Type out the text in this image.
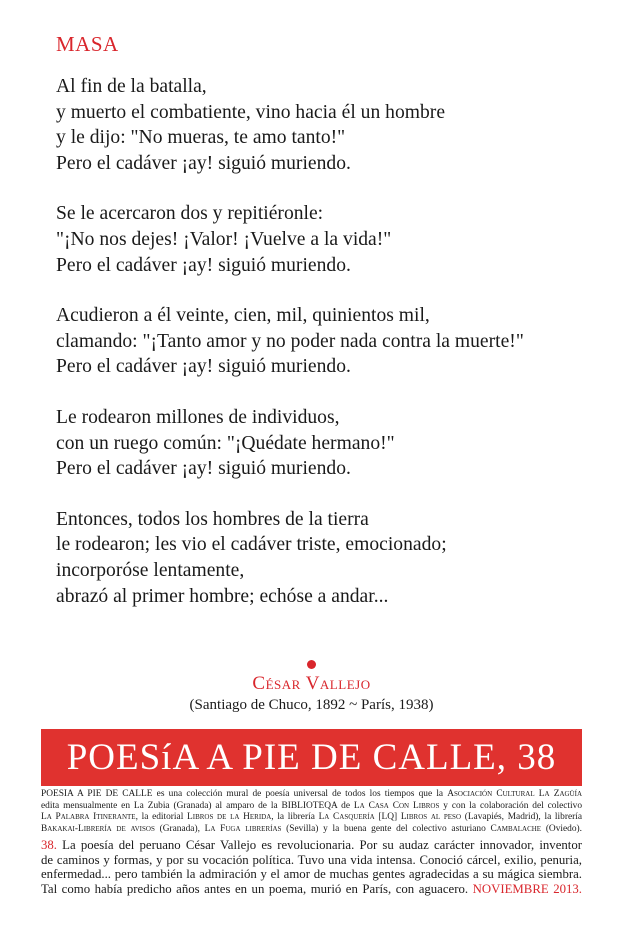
MASA
Al fin de la batalla,
y muerto el combatiente, vino hacia él un hombre
y le dijo: "No mueras, te amo tanto!"
Pero el cadáver ¡ay! siguió muriendo.
Se le acercaron dos y repitiéronle:
"¡No nos dejes! ¡Valor! ¡Vuelve a la vida!"
Pero el cadáver ¡ay! siguió muriendo.
Acudieron a él veinte, cien, mil, quinientos mil,
clamando: "¡Tanto amor y no poder nada contra la muerte!"
Pero el cadáver ¡ay! siguió muriendo.
Le rodearon millones de individuos,
con un ruego común: "¡Quédate hermano!"
Pero el cadáver ¡ay! siguió muriendo.
Entonces, todos los hombres de la tierra
le rodearon; les vio el cadáver triste, emocionado;
incorporóse lentamente,
abrazó al primer hombre; echóse a andar...
César Vallejo
(Santiago de Chuco, 1892 ~ París, 1938)
POESíA A PIE DE CALLE, 38
POESÍA A PIE DE CALLE es una colección mural de poesía universal de todos los tiempos que la Asociación Cultural La Zagüía
edita mensualmente en La Zubia (Granada) al amparo de la BIBLIOTEQA de La Casa Con Libros y con la colaboración del colectivo
La Palabra Itinerante, la editorial Libros de la Herida, la librería La Casquería [LQ] Libros al peso (Lavapiés, Madrid), la librería
Bakakai-Librería de avisos (Granada), La Fuga librerías (Sevilla) y la buena gente del colectivo asturiano Cambalache (Oviedo).
38. La poesía del peruano César Vallejo es revolucionaria. Por su audaz carácter innovador, inventor
de caminos y formas, y por su vocación política. Tuvo una vida intensa. Conoció cárcel, exilio, penuria,
enfermedad... pero también la admiración y el amor de muchas gentes agradecidas a su mágica siembra.
Tal como había predicho años antes en un poema, murió en París, con aguacero. NOVIEMBRE 2013.
